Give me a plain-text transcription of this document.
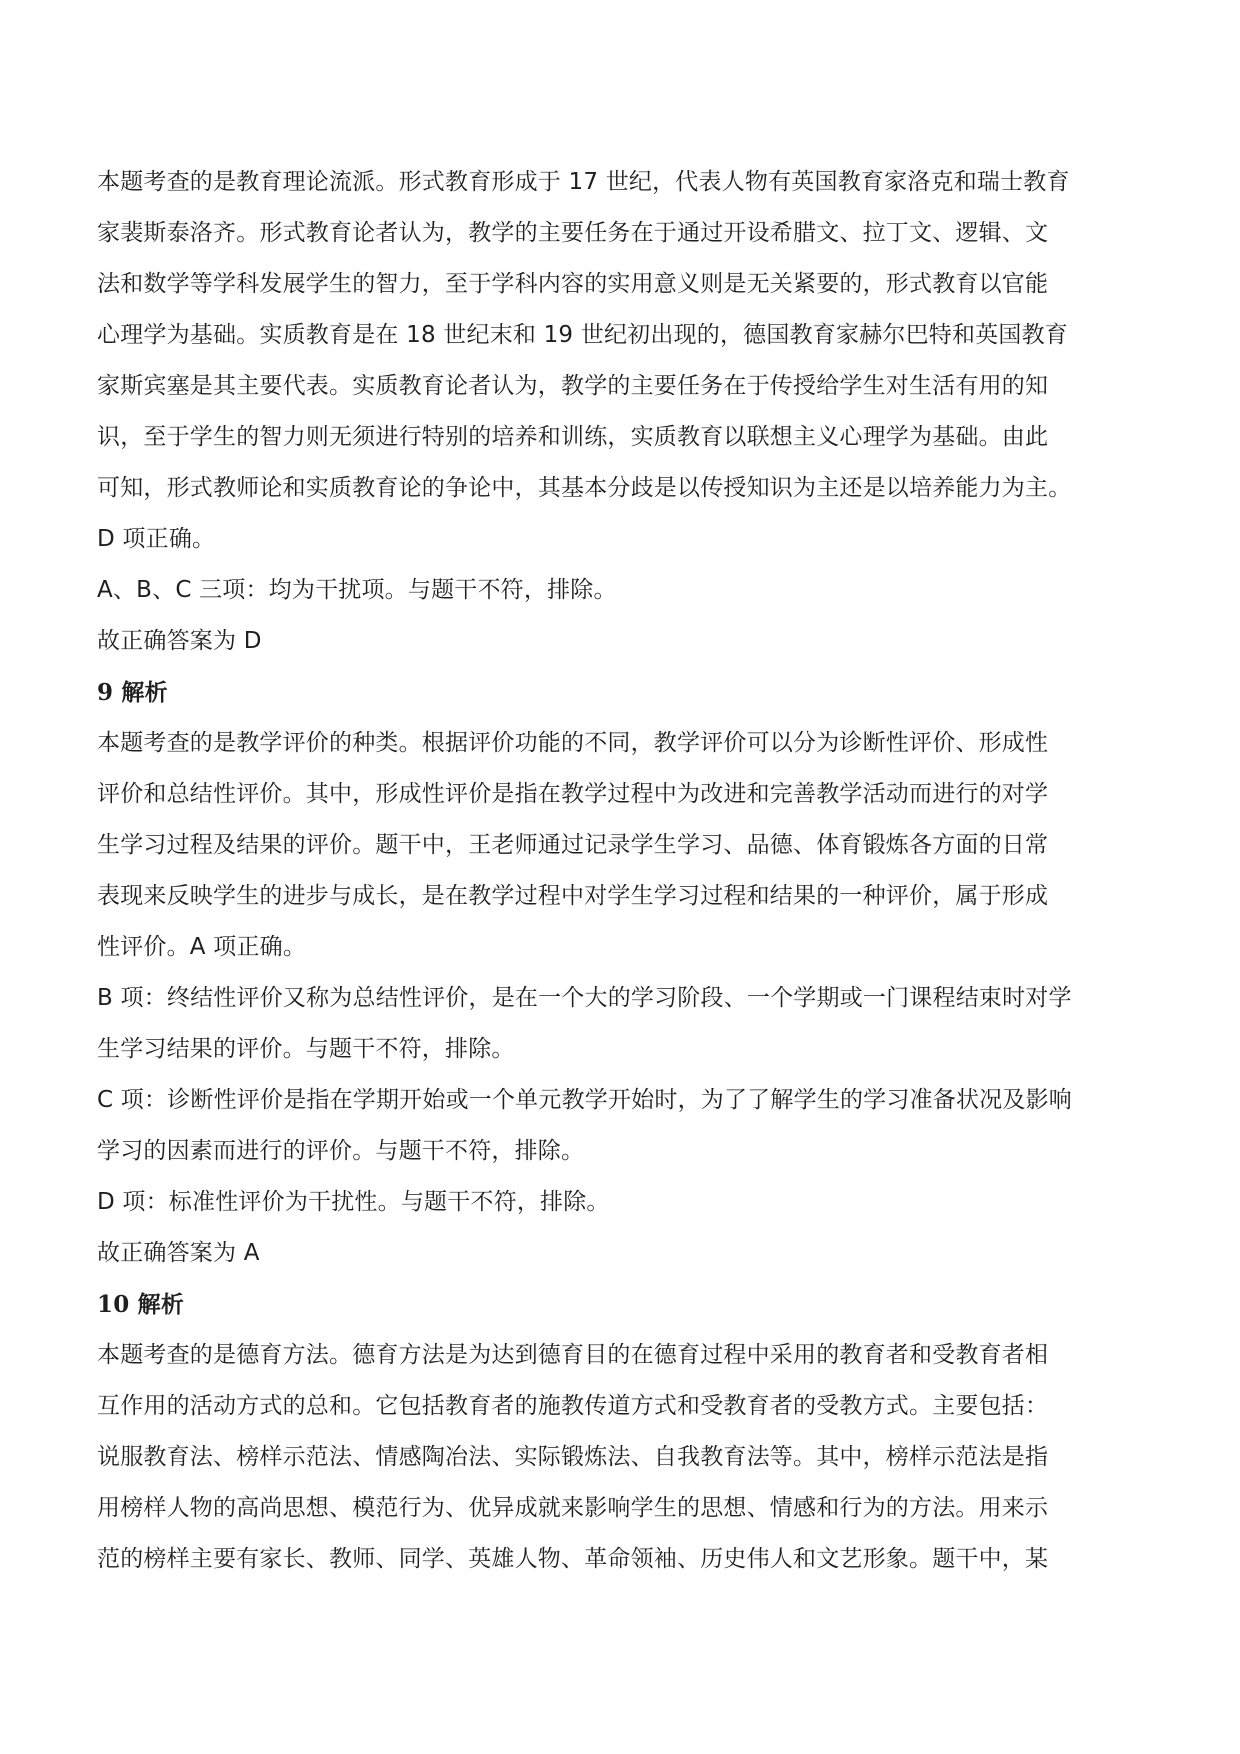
本题考查的是教育理论流派。形式教育形成于 17 世纪，代表人物有英国教育家洛克和瑞士教育
家裴斯泰洛齐。形式教育论者认为，教学的主要任务在于通过开设希腊文、拉丁文、逻辑、文
法和数学等学科发展学生的智力，至于学科内容的实用意义则是无关紧要的，形式教育以官能
心理学为基础。实质教育是在 18 世纪末和 19 世纪初出现的，德国教育家赫尔巴特和英国教育
家斯宾塞是其主要代表。实质教育论者认为，教学的主要任务在于传授给学生对生活有用的知
识，至于学生的智力则无须进行特别的培养和训练，实质教育以联想主义心理学为基础。由此
可知，形式教师论和实质教育论的争论中，其基本分歧是以传授知识为主还是以培养能力为主。
D 项正确。
A、B、C 三项：均为干扰项。与题干不符，排除。
故正确答案为 D
9 解析
本题考查的是教学评价的种类。根据评价功能的不同，教学评价可以分为诊断性评价、形成性
评价和总结性评价。其中，形成性评价是指在教学过程中为改进和完善教学活动而进行的对学
生学习过程及结果的评价。题干中，王老师通过记录学生学习、品德、体育锻炼各方面的日常
表现来反映学生的进步与成长，是在教学过程中对学生学习过程和结果的一种评价，属于形成
性评价。A 项正确。
B 项：终结性评价又称为总结性评价，是在一个大的学习阶段、一个学期或一门课程结束时对学
生学习结果的评价。与题干不符，排除。
C 项：诊断性评价是指在学期开始或一个单元教学开始时，为了了解学生的学习准备状况及影响
学习的因素而进行的评价。与题干不符，排除。
D 项：标准性评价为干扰性。与题干不符，排除。
故正确答案为 A
10 解析
本题考查的是德育方法。德育方法是为达到德育目的在德育过程中采用的教育者和受教育者相
互作用的活动方式的总和。它包括教育者的施教传道方式和受教育者的受教方式。主要包括：
说服教育法、榜样示范法、情感陶冶法、实际锻炼法、自我教育法等。其中，榜样示范法是指
用榜样人物的高尚思想、模范行为、优异成就来影响学生的思想、情感和行为的方法。用来示
范的榜样主要有家长、教师、同学、英雄人物、革命领袖、历史伟人和文艺形象。题干中，某
